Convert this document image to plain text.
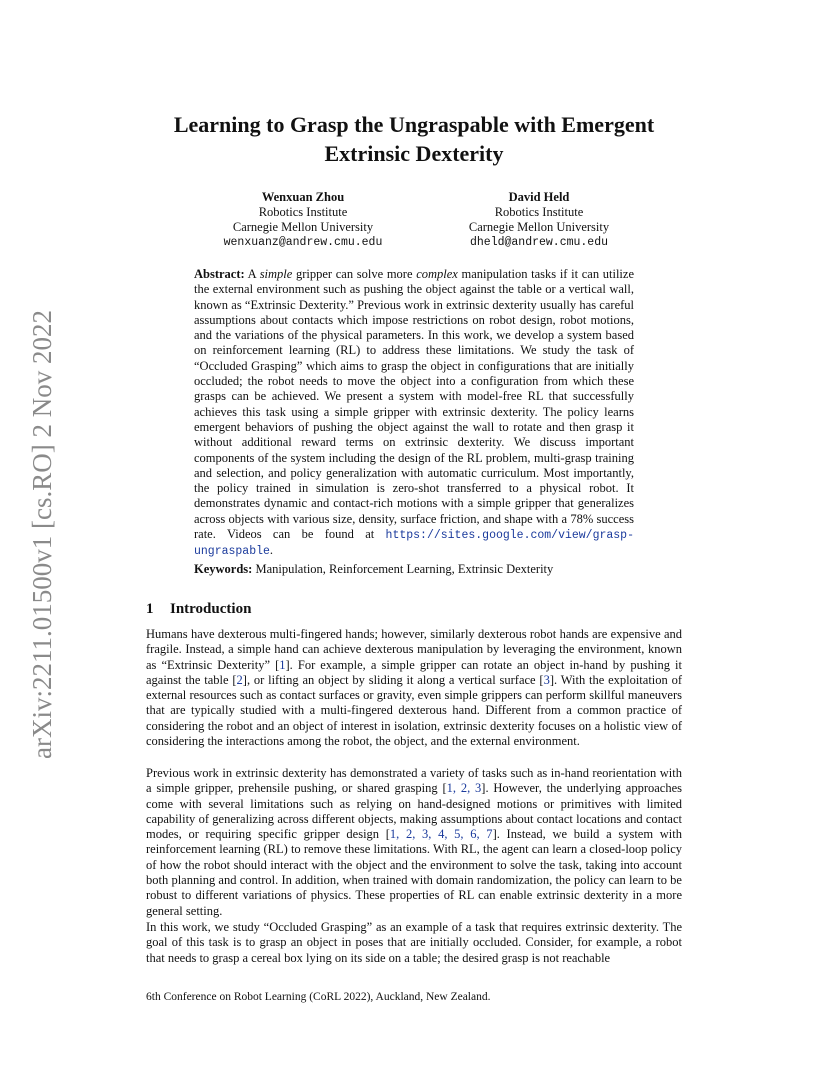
arXiv:2211.01500v1 [cs.RO] 2 Nov 2022
Learning to Grasp the Ungraspable with Emergent
Extrinsic Dexterity
Wenxuan Zhou
Robotics Institute
Carnegie Mellon University
wenxuanz@andrew.cmu.edu
David Held
Robotics Institute
Carnegie Mellon University
dheld@andrew.cmu.edu
Abstract: A simple gripper can solve more complex manipulation tasks if it can utilize the external environment such as pushing the object against the table or a vertical wall, known as “Extrinsic Dexterity.” Previous work in extrinsic dexterity usually has careful assumptions about contacts which impose restrictions on robot design, robot motions, and the variations of the physical parameters. In this work, we develop a system based on reinforcement learning (RL) to address these limitations. We study the task of “Occluded Grasping” which aims to grasp the object in configurations that are initially occluded; the robot needs to move the object into a configuration from which these grasps can be achieved. We present a system with model-free RL that successfully achieves this task using a simple gripper with extrinsic dexterity. The policy learns emergent behaviors of pushing the object against the wall to rotate and then grasp it without additional reward terms on extrinsic dexterity. We discuss important components of the system including the design of the RL problem, multi-grasp training and selection, and policy generalization with automatic curriculum. Most importantly, the policy trained in simulation is zero-shot transferred to a physical robot. It demonstrates dynamic and contact-rich motions with a simple gripper that generalizes across objects with various size, density, surface friction, and shape with a 78% success rate. Videos can be found at https://sites.google.com/view/grasp-ungraspable.
Keywords: Manipulation, Reinforcement Learning, Extrinsic Dexterity
1 Introduction

Humans have dexterous multi-fingered hands; however, similarly dexterous robot hands are expensive and fragile. Instead, a simple hand can achieve dexterous manipulation by leveraging the environment, known as “Extrinsic Dexterity” [1]. For example, a simple gripper can rotate an object in-hand by pushing it against the table [2], or lifting an object by sliding it along a vertical surface [3]. With the exploitation of external resources such as contact surfaces or gravity, even simple grippers can perform skillful maneuvers that are typically studied with a multi-fingered dexterous hand. Different from a common practice of considering the robot and an object of interest in isolation, extrinsic dexterity focuses on a holistic view of considering the interactions among the robot, the object, and the external environment.

Previous work in extrinsic dexterity has demonstrated a variety of tasks such as in-hand reorientation with a simple gripper, prehensile pushing, or shared grasping [1, 2, 3]. However, the underlying approaches come with several limitations such as relying on hand-designed motions or primitives with limited capability of generalizing across different objects, making assumptions about contact locations and contact modes, or requiring specific gripper design [1, 2, 3, 4, 5, 6, 7]. Instead, we build a system with reinforcement learning (RL) to remove these limitations. With RL, the agent can learn a closed-loop policy of how the robot should interact with the object and the environment to solve the task, taking into account both planning and control. In addition, when trained with domain randomization, the policy can learn to be robust to different variations of physics. These properties of RL can enable extrinsic dexterity in a more general setting.

In this work, we study “Occluded Grasping” as an example of a task that requires extrinsic dexterity. The goal of this task is to grasp an object in poses that are initially occluded. Consider, for example, a robot that needs to grasp a cereal box lying on its side on a table; the desired grasp is not reachable

6th Conference on Robot Learning (CoRL 2022), Auckland, New Zealand.
